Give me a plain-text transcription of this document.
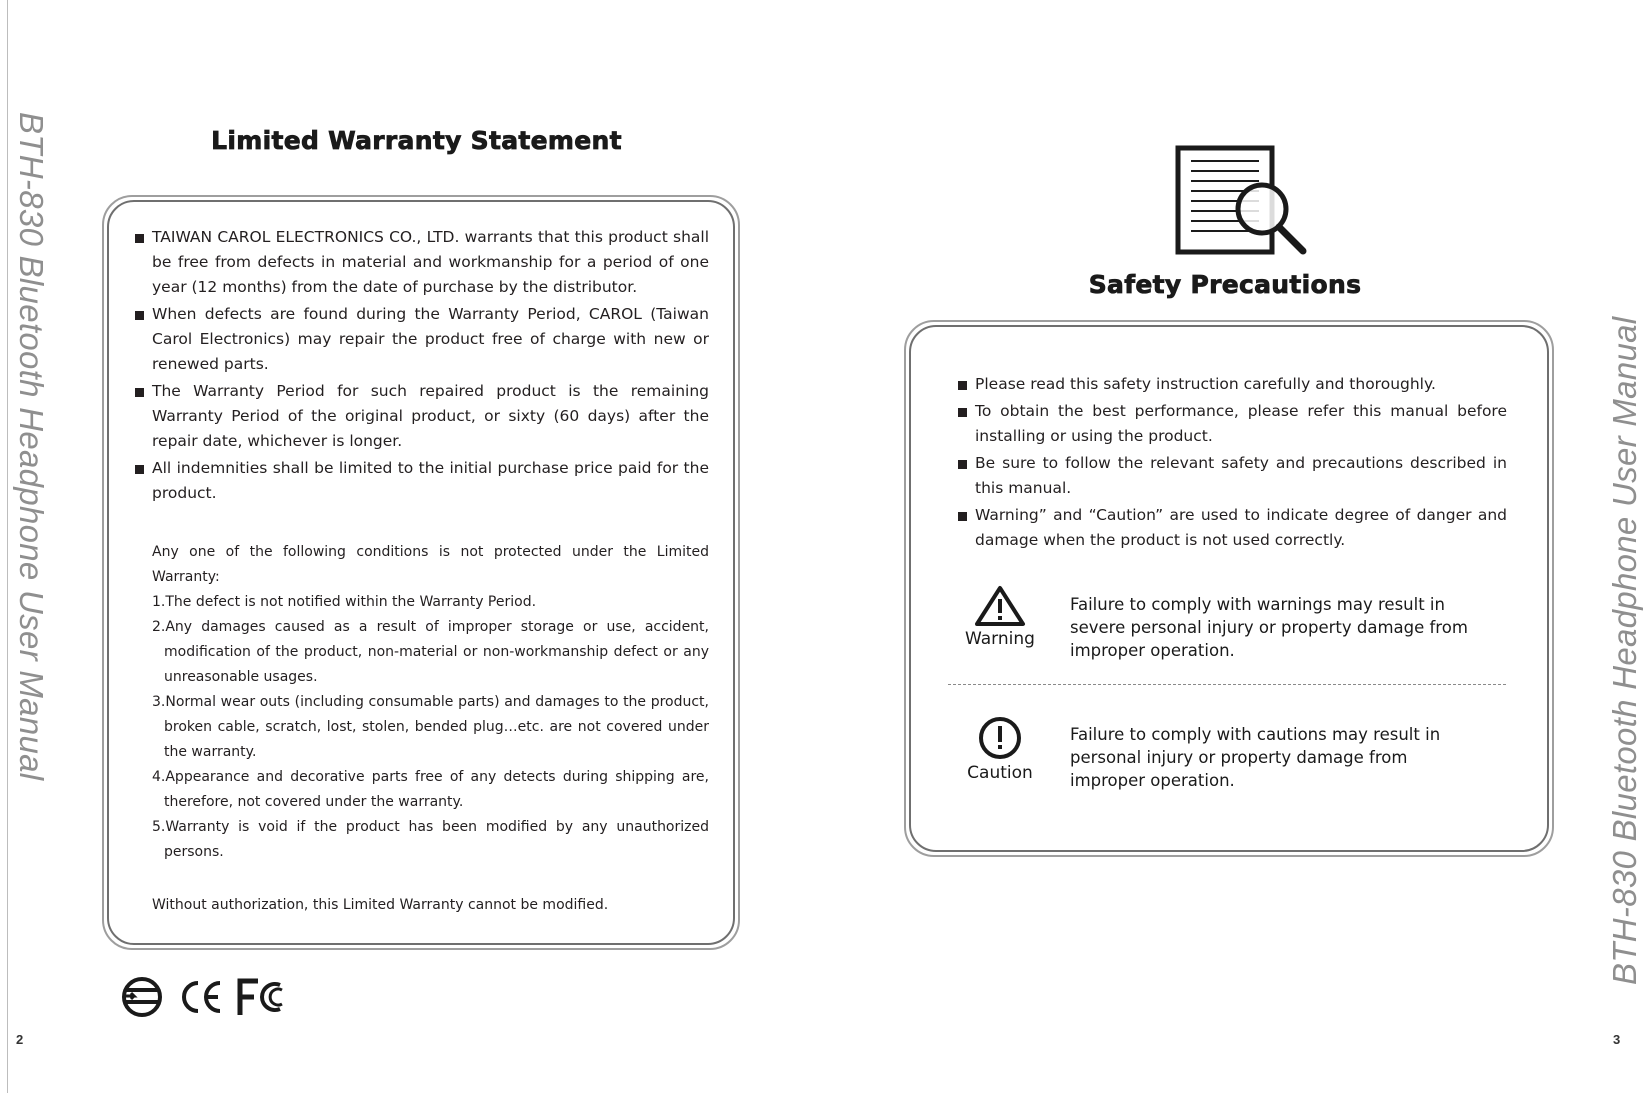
BTH-830 Bluetooth Headphone User Manual	BTH-830 Bluetooth Headphone User Manual
2	3
Limited Warranty Statement
TAIWAN CAROL ELECTRONICS CO., LTD. warrants that this product shall be free from defects in material and workmanship for a period of one year (12 months) from the date of purchase by the distributor.
When defects are found during the Warranty Period, CAROL (Taiwan Carol Electronics) may repair the product free of charge with new or renewed parts.
The Warranty Period for such repaired product is the remaining Warranty Period of the original product, or sixty (60 days) after the repair date, whichever is longer.
All indemnities shall be limited to the initial purchase price paid for the product.

Any one of the following conditions is not protected under the Limited Warranty:

1.The defect is not notified within the Warranty Period.
2.Any damages caused as a result of improper storage or use, accident, modification of the product, non-material or non-workmanship defect or any unreasonable usages.
3.Normal wear outs (including consumable parts) and damages to the product, broken cable, scratch, lost, stolen, bended plug…etc. are not covered under the warranty.
4.Appearance and decorative parts free of any detects during shipping are, therefore, not covered under the warranty.
5.Warranty is void if the product has been modified by any unauthorized persons.

Without authorization, this Limited Warranty cannot be modified.

Safety Precautions
Please read this safety instruction carefully and thoroughly.
To obtain the best performance, please refer this manual before installing or using the product.
Be sure to follow the relevant safety and precautions described in this manual.
Warning” and “Caution” are used to indicate degree of danger and damage when the product is not used correctly.
Warning

Failure to comply with warnings may result in severe personal injury or property damage from improper operation.

Caution

Failure to comply with cautions may result in personal injury or property damage from improper operation.
